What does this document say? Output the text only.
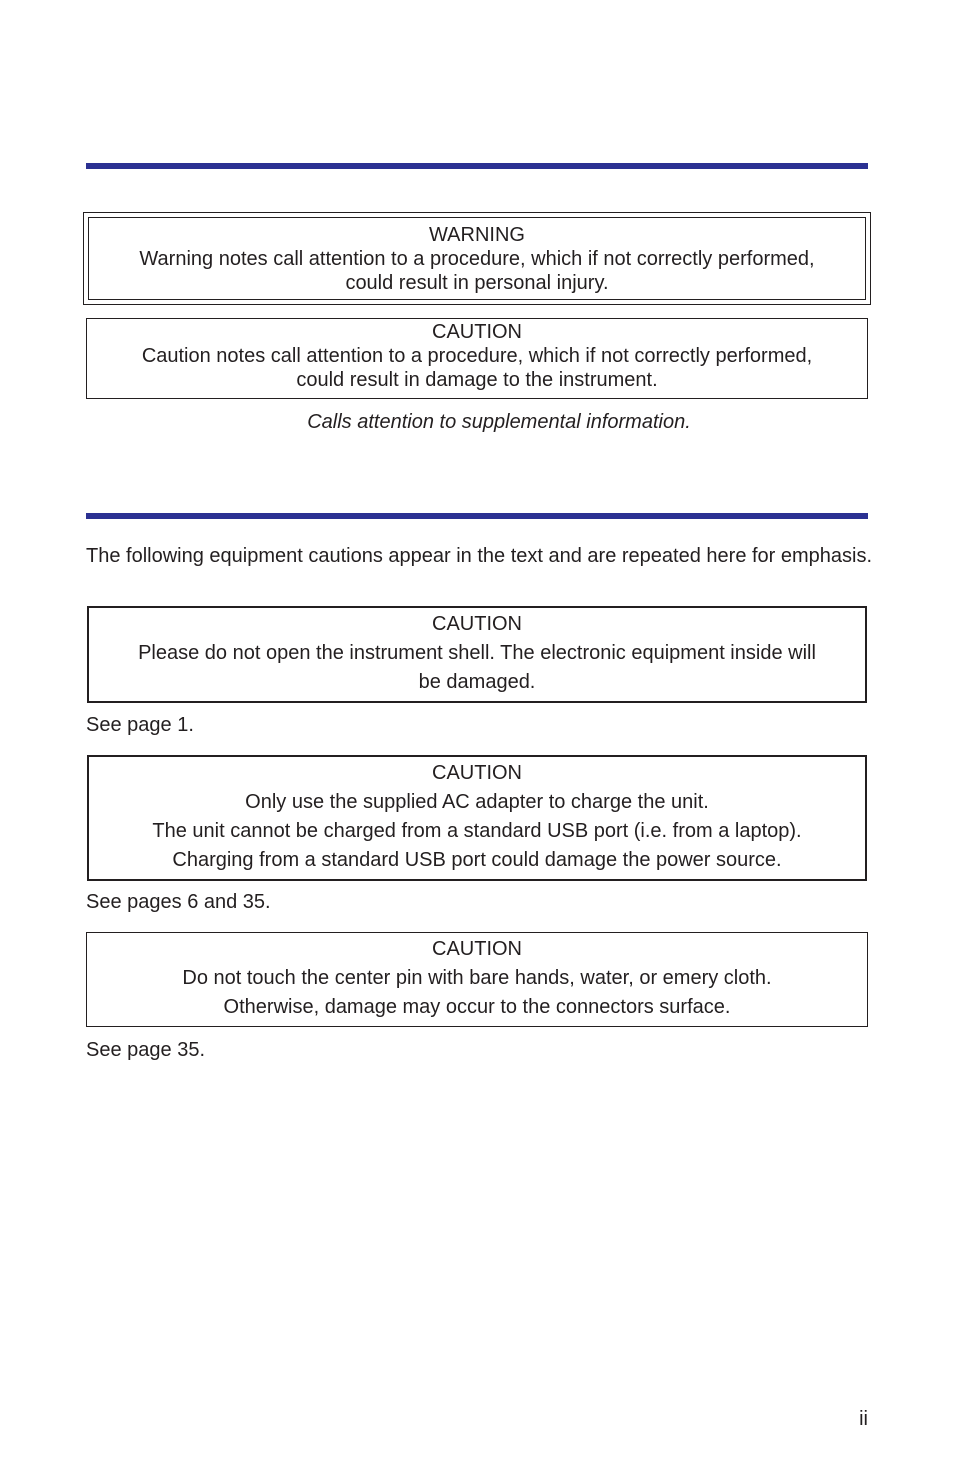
WARNING
Warning notes call attention to a procedure, which if not correctly performed,
could result in personal injury.
CAUTION
Caution notes call attention to a procedure, which if not correctly performed,
could result in damage to the instrument.
Calls attention to supplemental information.
The following equipment cautions appear in the text and are repeated here for emphasis.
CAUTION
Please do not open the instrument shell. The electronic equipment inside will
be damaged.
See page 1.
CAUTION
Only use the supplied AC adapter to charge the unit.
The unit cannot be charged from a standard USB port (i.e. from a laptop).
Charging from a standard USB port could damage the power source.
See pages 6 and 35.
CAUTION
Do not touch the center pin with bare hands, water, or emery cloth.
Otherwise, damage may occur to the connectors surface.
See page 35.
ii
